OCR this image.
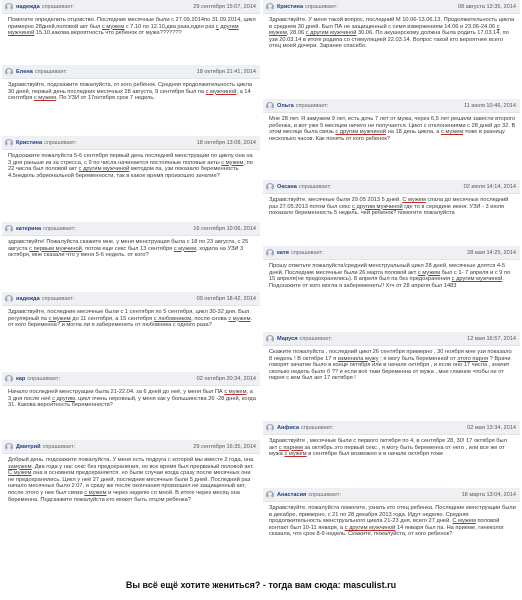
надежда спрашивает:	29 сентября 15:07, 2014
Помогите определить отцовство. Последние месячные были с 27.09.2014по 31.09.2014, цикл примерно 28дней,половой акт был с мужем с 7.10 по 12.10,два раза,один раз с другим мужчиной 15.10,какова вероятность что ребенок от мужа???????
Елена спрашивает:	18 октября 21:41, 2014
Здравствуйте, подскажите пожалуйста, от кого ребёнок. Средняя продолжительность цикла 30 дней, первый день последних месячных 28 августа, 9 сентября был па с мужчиной, а 14 сентября с мужем. По УЗИ от 17октября срок 7 недель.
Кристина спрашивает:	18 октября 13:08, 2014
Подскажите пожалуйста 5-6 сентября первый день последней менструации по циклу она на 3 дня раньше из за стресса, с 9 по числа начинается постоянные половые акты с мужем, по 22 числа был половой акт с другим мужчиной методом па, узи показало беременность 4.5недель эбриональной беременности, так в какое время произошло зачатие?
катерина спрашивает:	16 сентября 10:06, 2014
здравствуйте! Пожалуйста скажите мне, у меня менструация была с 18 по 23 августа, с 25 августа с первым мужчиной, потом еще секс был 13 сентября с мужем, ходила на УЗИ 3 октября, мне сказали что у меня 5-6 недель. от кого?
надежда спрашивает:	09 октября 18:42, 2014
Здравствуйте, последние месячные были с 1 сентября по 5 сентября, цикл 30-32 дня. Был регулярный па с мужем до 11 сентября, а 15 сентября с любовником, после снова с мужем. от кого беременна? и могла ли я забеременеть от любовника с одного раза?
кар спрашивает:	02 октября 20:34, 2014
Начало последней менструации была 21-22.04. за 6 дней до неё, у меня был ПА с мужем, а 3 дня после неё с другим. цикл очень неровный, у меня как у большинства 26 -28 дней, когда 31. Какова вероятность беременности?
Дмитрий спрашивает:	29 сентября 16:35, 2014
Добрый день. подскажите пожалуйста. У меня есть подруга с которой мы вместе 2 года, она замужем. Два года у нас секс без предохранения, но все время был прерваный половой акт. С мужем она в основном предохраняется. но были случаи когда сразу после месячных они не предохранялись. Цикл у неё 27 дней, последние месячные были 5 дней. Последний раз начало месячных было 2.07, и сразу же после окончания произошел не защищенный акт, после этого у нее был связи с мужем и через неделю со мной. В итоге через месяц она беременна. Подскажите пожалуйста кто может быть отцом ребенка?
Кристина спрашивает:	08 августа 13:35, 2014
Здравствуйте. У меня такой вопрос, последний М 10.06-13.06.13. Продолжительность цикла в среднем 30 дней. Был ПА не защищенный с семя извержением 14.06 и 23.06-24.06 с мужем, 28.06 с другим мужчиной 30.06. По акушерскому должна была родить 17.03.14, по узи 20.03.14 в итоге родила со стимуляцией 22.03.14. Вопрос такой кто вероятнее всего отец моей дочери. Заранее спасибо.
Ольга спрашивает:	11 июля 10:46, 2014
Мне 28 лет. Я замужем 9 лет, есть дочь 7 лет от мужа, через 6,5 лет решили завести второго ребенка, и вот уже 5 месяцев ничего не получается. Цикл с отклонениями с 28 дней до 32. В этом месяце была связь с другим мужчиной на 18 день цикла, а с мужем тоже в разницу несколько часов. Как понять от кого ребенок?
Оксана спрашивает:	02 июля 14:14, 2014
Здравствуйте. месячные были 29.05 2013 5 дней. С мужем спала до месячных последний раз 27.05.2013 потом был секс с другим мужчиной где то в середине июня. УЗИ - 3 июля показало беременность 5 недель. чей ребенок? помогите пожалуйста
катя спрашивает:	28 мая 14:25, 2014
Прошу ответьте пожалуйста!средний менструальный цикл 28 дней, месячные длятся 4-5 дней. Последние месячные были 26 марта половой акт с мужем был с 1- 7 апреля и с 9 по 15 апреля(не предохранялись). 8 апреля был па без предохранения с другим мужчиной. Подскажите от кого могла я забеременеть!! Хгч от 28 апреля был 1483
Маруся спрашивает:	12 мая 16:57, 2014
Скажите пожалуйста , последний цикл 26 сентября примерно , 30 ноября мне узи показало 8 недель ! В октябре 17 я изменила мужу ; я могу быть беременной от этого парня ? Врачи говорят зачатие было в конце октября или в начале октября , и если оно 17 числа , значит сколько недель было б ?? и если всё таки беременна от мужа , мне главное чтобы не от парня с кем был акт 17 октября !
Анфиса спрашивает:	02 мая 13:34, 2014
Здравствуйте , месячные были с первого октября по 4, в сентябре 28, 30! 17 октября был акт с парнем за октябрь это первый секс , я могу быть беременна от него , или все же от мужа с мужем в сентябре был возможно и в начале октября тоже
Анастасия спрашивает:	18 марта 13:04, 2014
Здравствуйте, пожалуйста помогите, узнать кто отец ребенка. Последние менструации были в декабре, примерно, с 21 по 28 декабря 2013 года. Идут неделю. Средняя продолжительность менструального цикла 21-23 дня, всего 27 дней. С мужем половой контакт был 10-11 января, а с другим мужчиной 14 января был па. На приеме, гинеколог сказала, что срок 8-9 недель. Скажите, пожалуйста, от кого ребенок?
Вы всё ещё хотите жениться? - тогда вам сюда: masculist.ru
